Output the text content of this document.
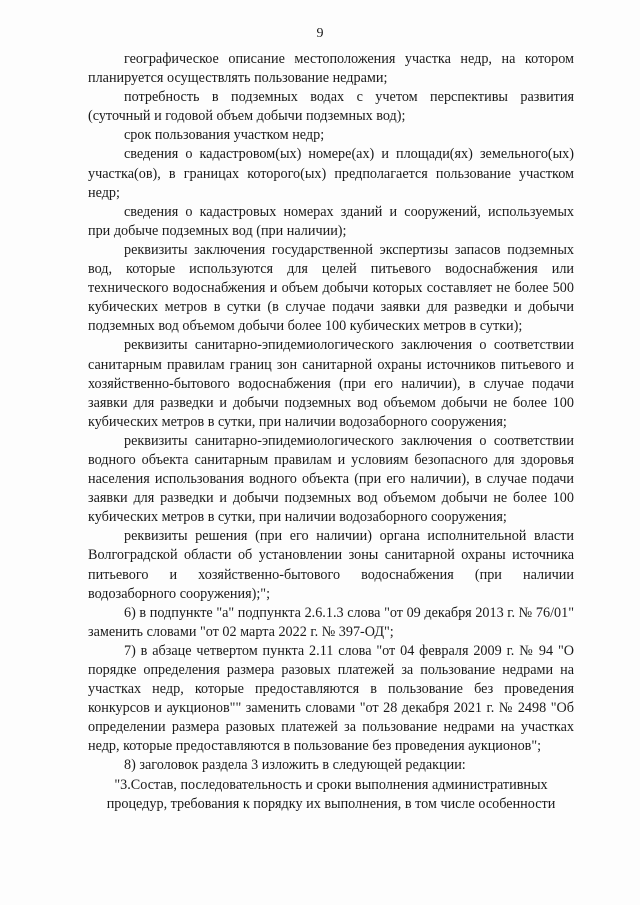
9

географическое описание местоположения участка недр, на котором планируется осуществлять пользование недрами;

потребность в подземных водах с учетом перспективы развития (суточный и годовой объем добычи подземных вод);

срок пользования участком недр;

сведения о кадастровом(ых) номере(ах) и площади(ях) земельного(ых) участка(ов), в границах которого(ых) предполагается пользование участком недр;

сведения о кадастровых номерах зданий и сооружений, используемых при добыче подземных вод (при наличии);

реквизиты заключения государственной экспертизы запасов подземных вод, которые используются для целей питьевого водоснабжения или технического водоснабжения и объем добычи которых составляет не более 500 кубических метров в сутки (в случае подачи заявки для разведки и добычи подземных вод объемом добычи более 100 кубических метров в сутки);

реквизиты санитарно-эпидемиологического заключения о соответствии санитарным правилам границ зон санитарной охраны источников питьевого и хозяйственно-бытового водоснабжения (при его наличии), в случае подачи заявки для разведки и добычи подземных вод объемом добычи не более 100 кубических метров в сутки, при наличии водозаборного сооружения;

реквизиты санитарно-эпидемиологического заключения о соответствии водного объекта санитарным правилам и условиям безопасного для здоровья населения использования водного объекта (при его наличии), в случае подачи заявки для разведки и добычи подземных вод объемом добычи не более 100 кубических метров в сутки, при наличии водозаборного сооружения;

реквизиты решения (при его наличии) органа исполнительной власти Волгоградской области об установлении зоны санитарной охраны источника питьевого и хозяйственно-бытового водоснабжения (при наличии водозаборного сооружения);";

6) в подпункте "а" подпункта 2.6.1.3 слова "от 09 декабря 2013 г. № 76/01" заменить словами "от 02 марта 2022 г. № 397-ОД";

7) в абзаце четвертом пункта 2.11 слова "от 04 февраля 2009 г. № 94 "О порядке определения размера разовых платежей за пользование недрами на участках недр, которые предоставляются в пользование без проведения конкурсов и аукционов"" заменить словами "от 28 декабря 2021 г. № 2498 "Об определении размера разовых платежей за пользование недрами на участках недр, которые предоставляются в пользование без проведения аукционов";

8) заголовок раздела 3 изложить в следующей редакции:

"3.Состав, последовательность и сроки выполнения административных процедур, требования к порядку их выполнения, в том числе особенности
